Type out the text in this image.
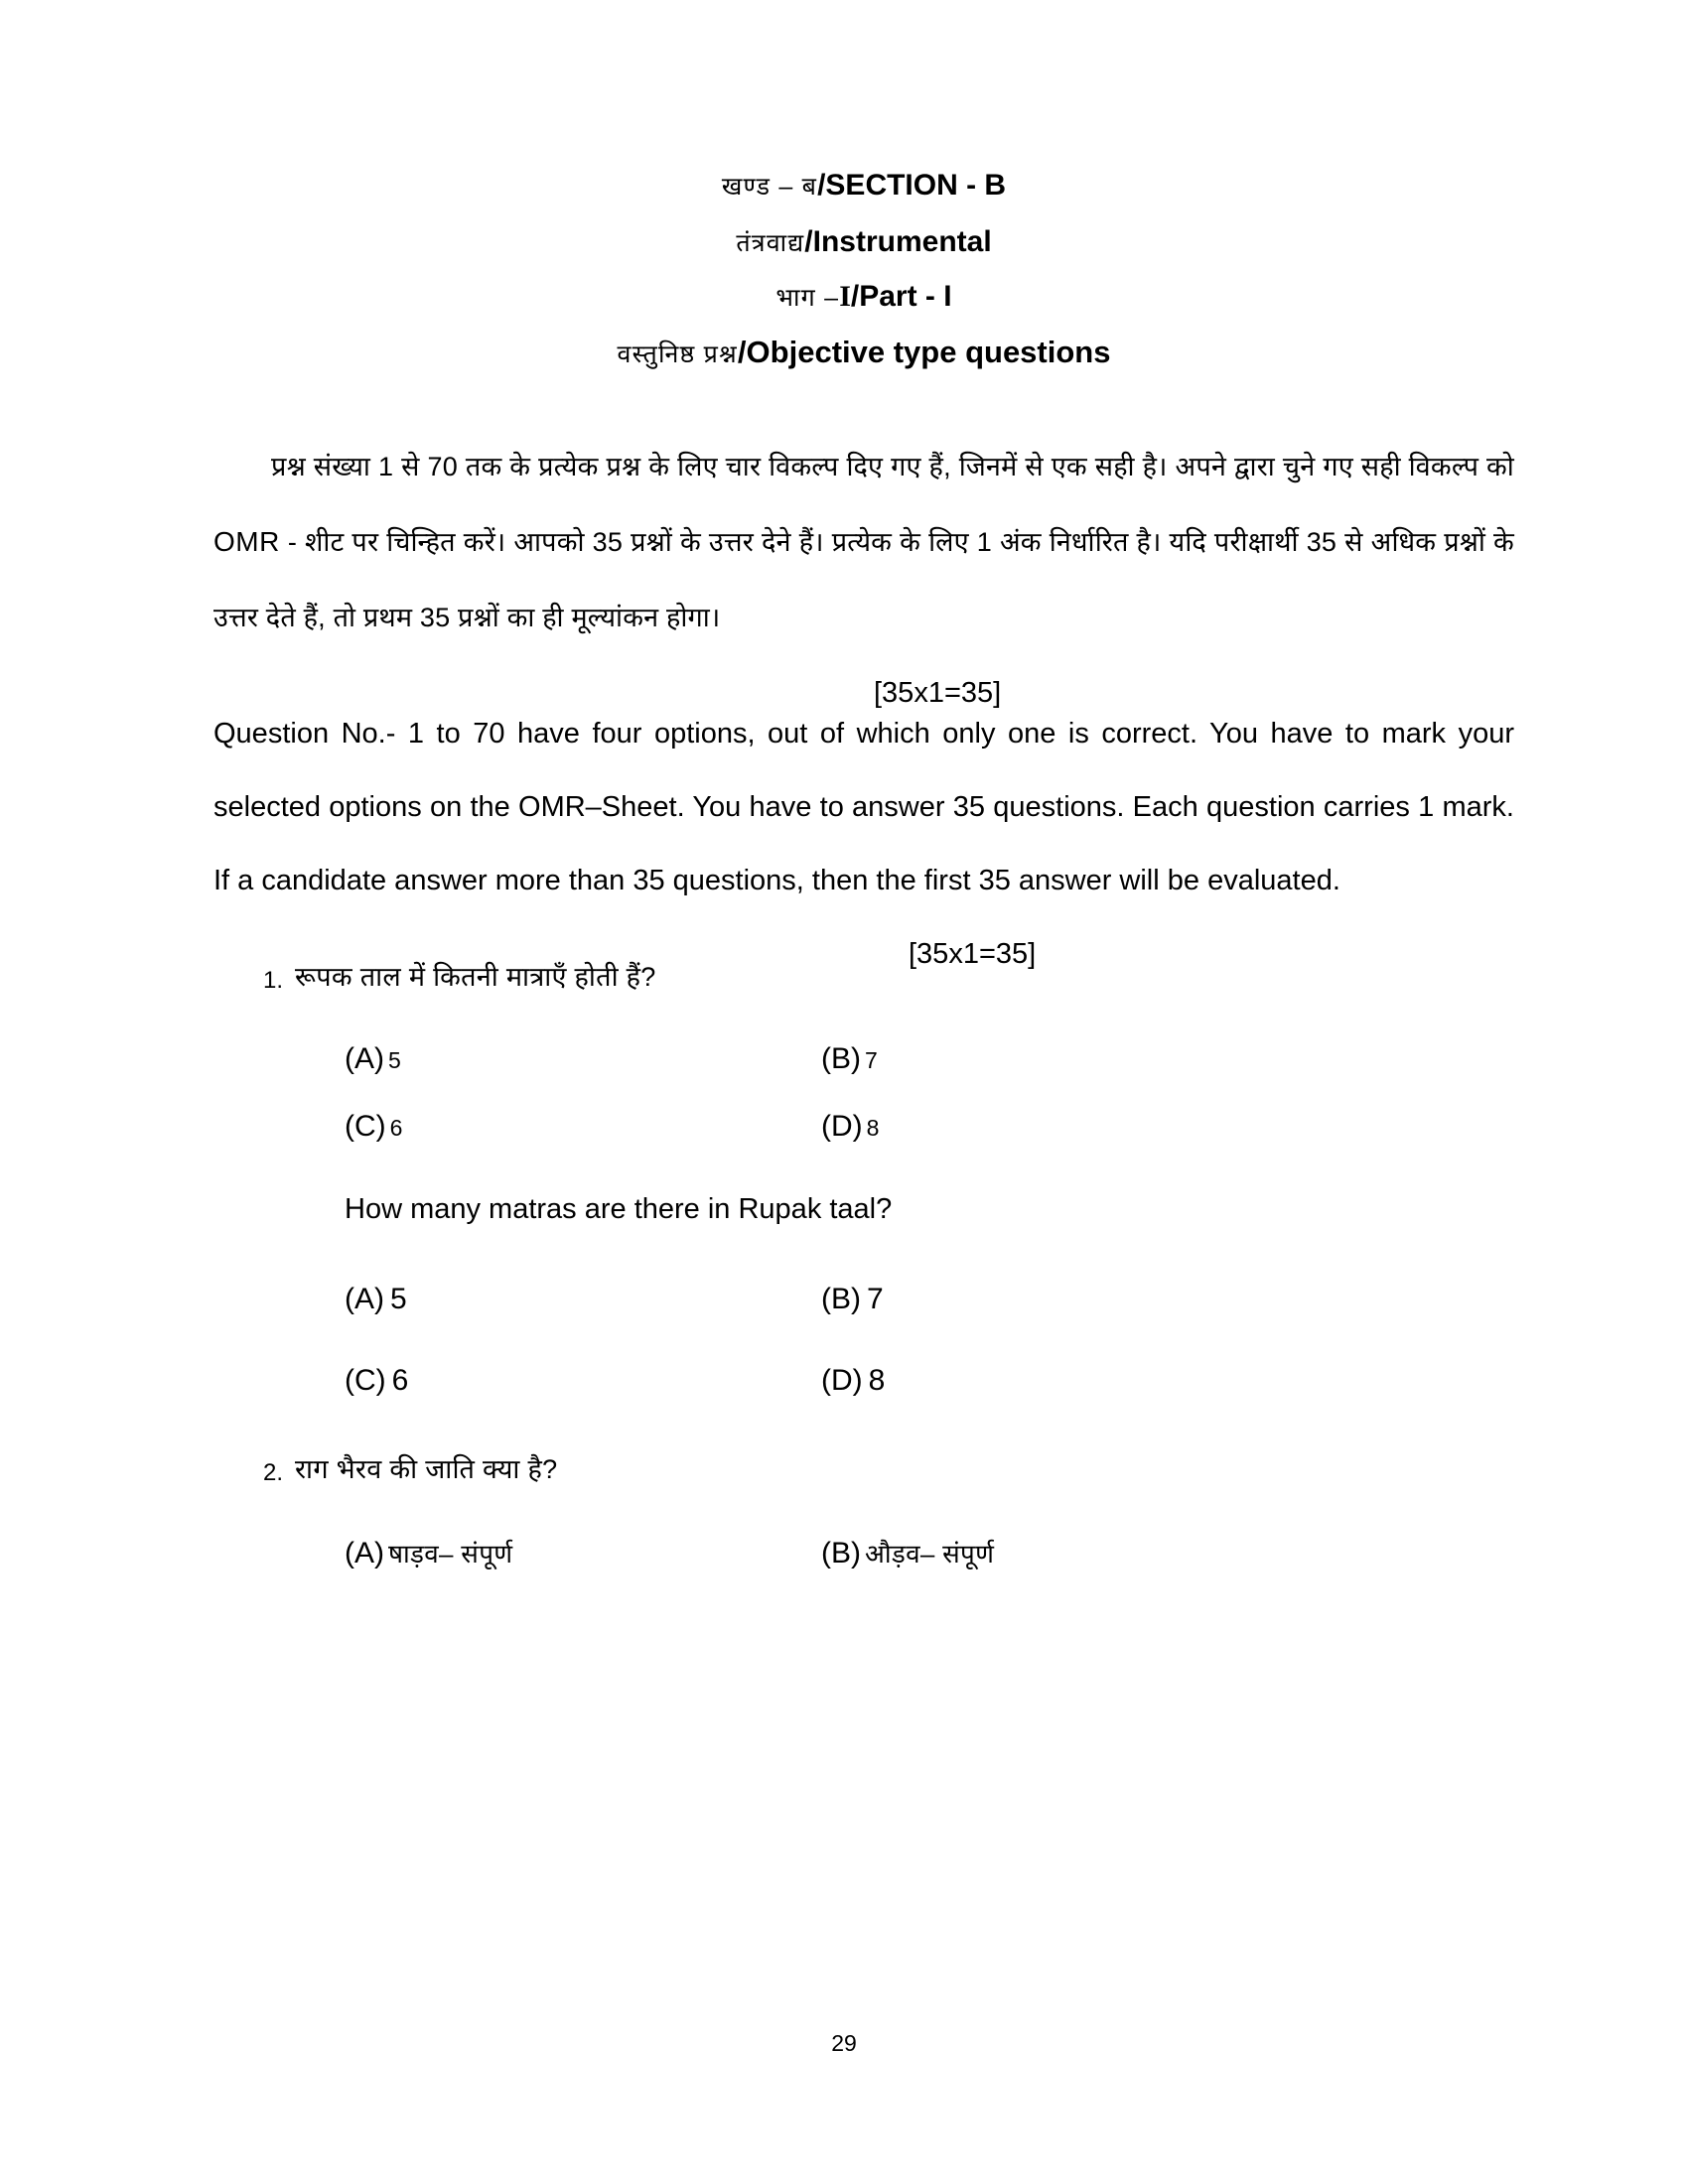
खण्ड – ब/SECTION - B
तंत्रवाद्य/Instrumental
भाग –I/Part - I
वस्तुनिष्ठ प्रश्न/Objective type questions
प्रश्न संख्या 1 से 70 तक के प्रत्येक प्रश्न के लिए चार विकल्प दिए गए हैं, जिनमें से एक सही है। अपने द्वारा चुने गए सही विकल्प को OMR - शीट पर चिन्हित करें। आपको 35 प्रश्नों के उत्तर देने हैं। प्रत्येक के लिए 1 अंक निर्धारित है। यदि परीक्षार्थी 35 से अधिक प्रश्नों के उत्तर देते हैं, तो प्रथम 35 प्रश्नों का ही मूल्यांकन होगा।
[35x1=35]
Question No.- 1 to 70 have four options, out of which only one is correct. You have to mark your selected options on the OMR–Sheet. You have to answer 35 questions. Each question carries 1 mark. If a candidate answer more than 35 questions, then the first 35 answer will be evaluated.
[35x1=35]
1. रूपक ताल में कितनी मात्राएँ होती हैं?
(A) 5	(B) 7
(C) 6	(D) 8
How many matras are there in Rupak taal?
(A) 5	(B) 7
(C) 6	(D) 8
2. राग भैरव की जाति क्या है?
(A) षाड़व– संपूर्ण	(B) औड़व– संपूर्ण
29
